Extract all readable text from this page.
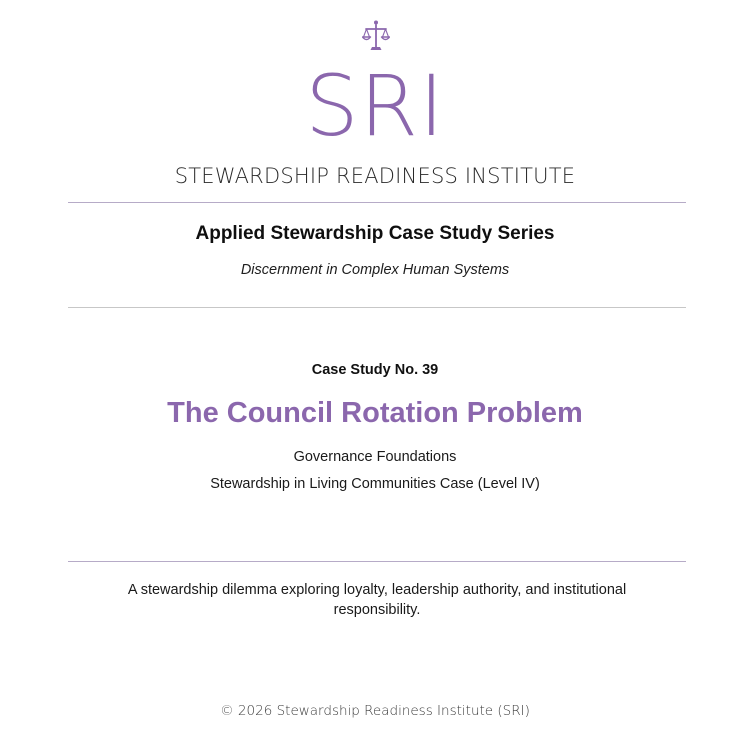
SRI
STEWARDSHIP READINESS INSTITUTE
Applied Stewardship Case Study Series
Discernment in Complex Human Systems
Case Study No. 39
The Council Rotation Problem
Governance Foundations
Stewardship in Living Communities Case (Level IV)
A stewardship dilemma exploring loyalty, leadership authority, and institutional responsibility.
© 2026 Stewardship Readiness Institute (SRI)
